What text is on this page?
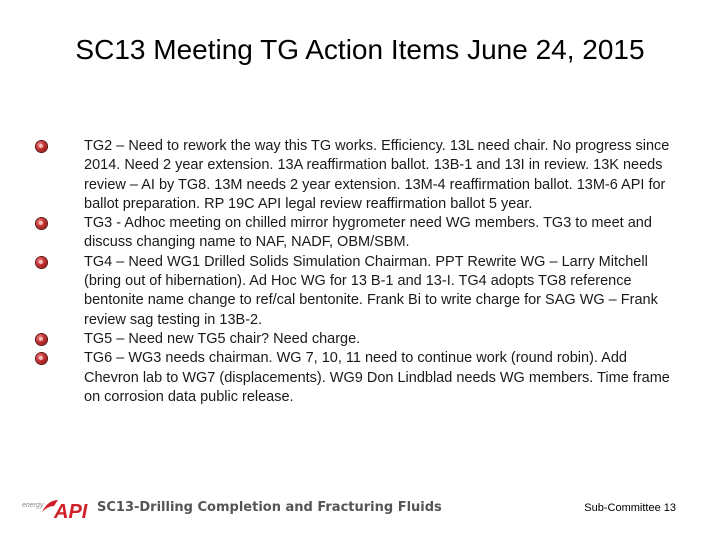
SC13 Meeting TG Action Items June 24, 2015
TG2 – Need to rework the way this TG works. Efficiency. 13L need chair. No progress since 2014. Need 2 year extension. 13A reaffirmation ballot. 13B-1 and 13I in review. 13K needs review – AI by TG8. 13M needs 2 year extension. 13M-4 reaffirmation ballot. 13M-6 API for ballot preparation. RP 19C API legal review reaffirmation ballot 5 year.
TG3 - Adhoc meeting on chilled mirror hygrometer need WG members. TG3 to meet and discuss changing name to NAF, NADF, OBM/SBM.
TG4 – Need WG1 Drilled Solids Simulation Chairman. PPT Rewrite WG – Larry Mitchell (bring out of hibernation). Ad Hoc WG for 13 B-1 and 13-I. TG4 adopts TG8 reference bentonite name change to ref/cal bentonite. Frank Bi to write charge for SAG WG – Frank review sag testing in 13B-2.
TG5 – Need new TG5 chair? Need charge.
TG6 – WG3 needs chairman. WG 7, 10, 11 need to continue work (round robin). Add Chevron lab to WG7 (displacements). WG9 Don Lindblad needs WG members. Time frame on corrosion data public release.
energy API SC13-Drilling Completion and Fracturing Fluids	Sub-Committee 13
